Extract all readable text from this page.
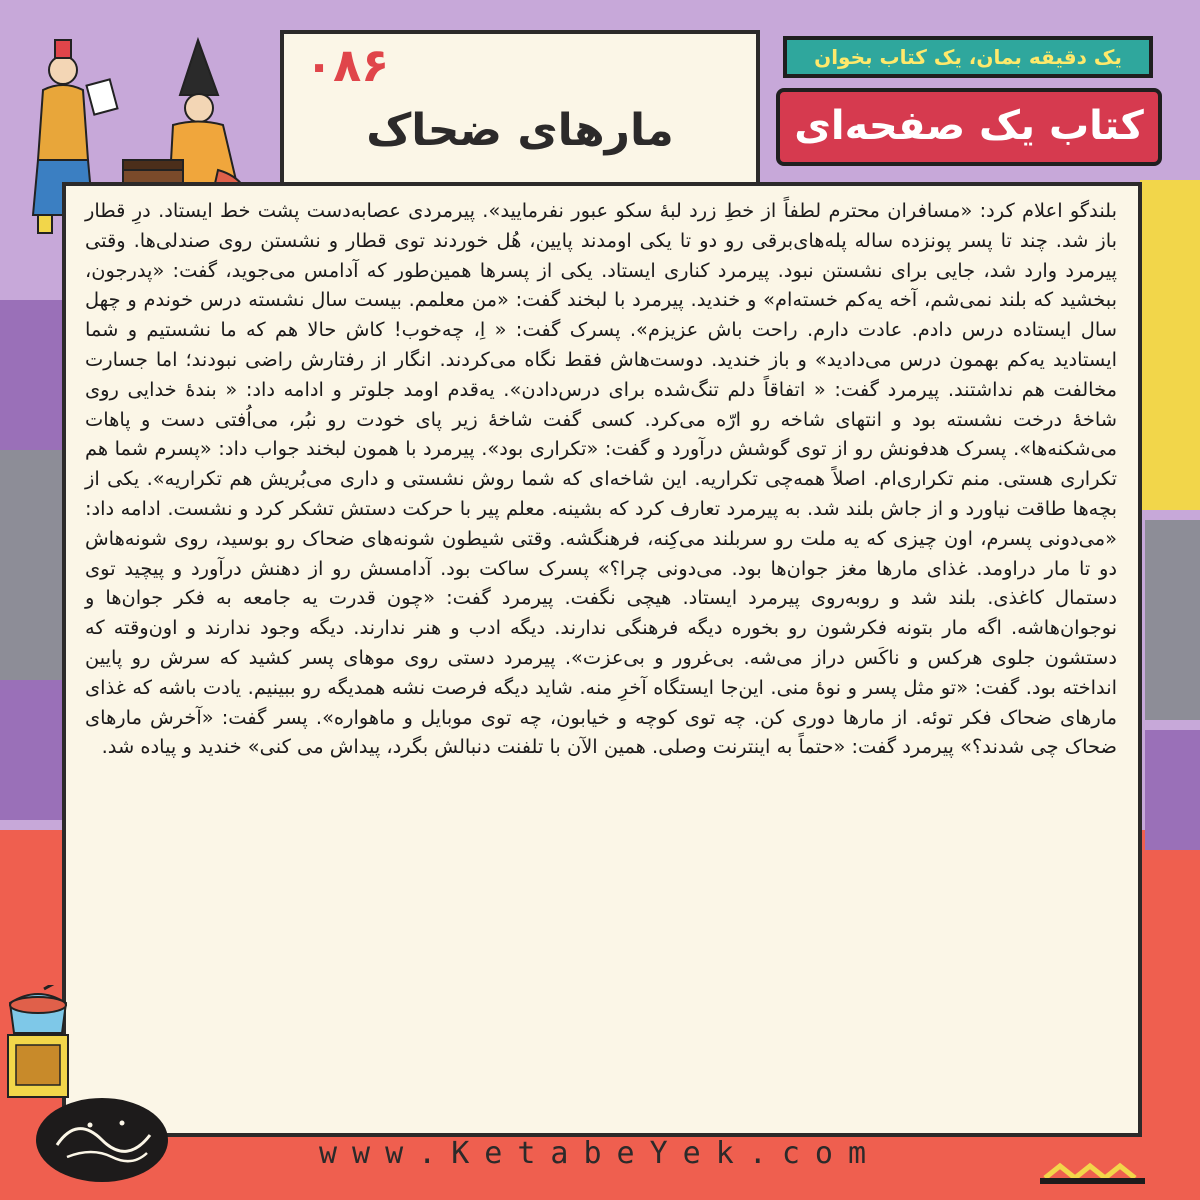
۰۸۶
مارهای ضحاک
یک دقیقه بمان، یک کتاب بخوان
کتاب یک صفحه‌ای

بلندگو اعلام کرد: «مسافران محترم لطفاً از خطِ زرد لبهٔ سکو عبور نفرمایید». پیرمردی عصابه‌دست پشت خط ایستاد. درِ قطار باز شد. چند تا پسر پونزده ساله پله‌های‌برقی رو دو تا یکی اومدند پایین، هُل خوردند توی قطار و نشستن روی صندلی‌ها. وقتی پیرمرد وارد شد، جایی برای نشستن نبود. پیرمرد کناری ایستاد. یکی از پسرها همین‌طور که آدامس می‌جوید، گفت: «پدرجون، ببخشید که بلند نمی‌شم، آخه یه‌کم خسته‌ام» و خندید. پیرمرد با لبخند گفت: «من معلمم. بیست سال نشسته درس خوندم و چهل سال ایستاده درس دادم. عادت دارم. راحت باش عزیزم». پسرک گفت: « اِ، چه‌خوب! کاش حالا هم که ما نشستیم و شما ایستادید یه‌کم بهمون درس می‌دادید» و باز خندید. دوست‌هاش فقط نگاه می‌کردند. انگار از رفتارش راضی نبودند؛ اما جسارت مخالفت هم نداشتند. پیرمرد گفت: « اتفاقاً دلم تنگ‌شده برای درس‌دادن». یه‌قدم اومد جلوتر و ادامه داد: « بندهٔ خدایی روی شاخهٔ درخت نشسته بود و انتهای شاخه رو ارّه می‌کرد. کسی گفت شاخهٔ زیر پای خودت رو نبُر، می‌اُفتی دست و پاهات می‌شکنه‌ها». پسرک هدفونش رو از توی گوشش درآورد و گفت: «تکراری بود». پیرمرد با همون لبخند جواب داد: «پسرم شما هم تکراری هستی. منم تکراری‌ام. اصلاً همه‌چی تکراریه. این شاخه‌ای که شما روش نشستی و داری می‌بُریش هم تکراریه». یکی از بچه‌ها طاقت نیاورد و از جاش بلند شد. به پیرمرد تعارف کرد که بشینه. معلم پیر با حرکت دستش تشکر کرد و نشست. ادامه داد: «می‌دونی پسرم، اون چیزی که یه ملت رو سربلند می‌کِنه، فرهنگشه. وقتی شیطون شونه‌های ضحاک رو بوسید، روی شونه‌هاش دو تا مار دراومد. غذای مارها مغز جوان‌ها بود. می‌دونی چرا؟» پسرک ساکت بود. آدامسش رو از دهنش درآورد و پیچید توی دستمال کاغذی. بلند شد و روبه‌روی پیرمرد ایستاد. هیچی نگفت. پیرمرد گفت: «چون قدرت یه جامعه به فکر جوان‌ها و نوجوان‌هاشه. اگه مار بتونه فکرشون رو بخوره دیگه فرهنگی ندارند. دیگه ادب و هنر ندارند. دیگه وجود ندارند و اون‌وقته که دستشون جلوی هرکس و ناکَس دراز می‌شه. بی‌غرور و بی‌عزت». پیرمرد دستی روی موهای پسر کشید که سرش رو پایین انداخته بود. گفت: «تو مثل پسر و نوهٔ منی. این‌جا ایستگاه آخرِ منه. شاید دیگه فرصت نشه همدیگه رو ببینیم. یادت باشه که غذای مارهای ضحاک فکر توئه. از مارها دوری کن. چه توی کوچه و خیابون، چه توی موبایل و ماهواره». پسر گفت: «آخرش مارهای ضحاک چی شدند؟» پیرمرد گفت: «حتماً به اینترنت وصلی. همین الآن با تلفنت دنبالش بگرد، پیداش می کنی» خندید و پیاده شد.

www.KetabeYek.com
